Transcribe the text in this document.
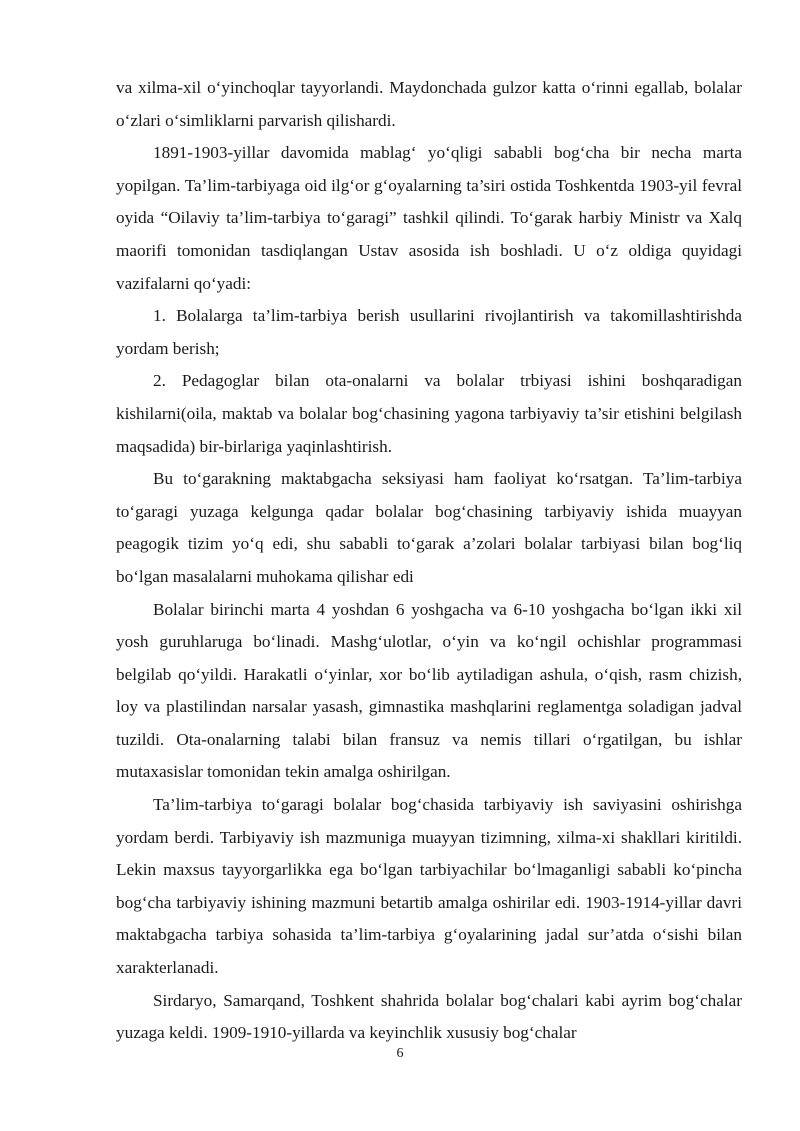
va xilma-xil o‘yinchoqlar tayyorlandi. Maydonchada gulzor katta o‘rinni egallab, bolalar o‘zlari o‘simliklarni parvarish qilishardi.

1891-1903-yillar davomida mablag‘ yo‘qligi sababli bog‘cha bir necha marta yopilgan. Ta’lim-tarbiyaga oid ilg‘or g‘oyalarning ta’siri ostida Toshkentda 1903-yil fevral oyida “Oilaviy ta’lim-tarbiya to‘garagi” tashkil qilindi. To‘garak harbiy Ministr va Xalq maorifi tomonidan tasdiqlangan Ustav asosida ish boshladi. U o‘z oldiga quyidagi vazifalarni qo‘yadi:

1. Bolalarga ta’lim-tarbiya berish usullarini rivojlantirish va takomillashtirishda yordam berish;

2. Pedagoglar bilan ota-onalarni va bolalar trbiyasi ishini boshqaradigan kishilarni(oila, maktab va bolalar bog‘chasining yagona tarbiyaviy ta’sir etishini belgilash maqsadida) bir-birlariga yaqinlashtirish.

Bu to‘garakning maktabgacha seksiyasi ham faoliyat ko‘rsatgan. Ta’lim-tarbiya to‘garagi yuzaga kelgunga qadar bolalar bog‘chasining tarbiyaviy ishida muayyan peagogik tizim yo‘q edi, shu sababli to‘garak a’zolari bolalar tarbiyasi bilan bog‘liq bo‘lgan masalalarni muhokama qilishar edi

Bolalar birinchi marta 4 yoshdan 6 yoshgacha va 6-10 yoshgacha bo‘lgan ikki xil yosh guruhlaruga bo‘linadi. Mashg‘ulotlar, o‘yin va ko‘ngil ochishlar programmasi belgilab qo‘yildi. Harakatli o‘yinlar, xor bo‘lib aytiladigan ashula, o‘qish, rasm chizish, loy va plastilindan narsalar yasash, gimnastika mashqlarini reglamentga soladigan jadval tuzildi. Ota-onalarning talabi bilan fransuz va nemis tillari o‘rgatilgan, bu ishlar mutaxasislar tomonidan tekin amalga oshirilgan.

Ta’lim-tarbiya to‘garagi bolalar bog‘chasida tarbiyaviy ish saviyasini oshirishga yordam berdi. Tarbiyaviy ish mazmuniga muayyan tizimning, xilma-xi shakllari kiritildi. Lekin maxsus tayyorgarlikka ega bo‘lgan tarbiyachilar bo‘lmaganligi sababli ko‘pincha bog‘cha tarbiyaviy ishining mazmuni betartib amalga oshirilar edi. 1903-1914-yillar davri maktabgacha tarbiya sohasida ta’lim-tarbiya g‘oyalarining jadal sur’atda o‘sishi bilan xarakterlanadi.

Sirdaryo, Samarqand, Toshkent shahrida bolalar bog‘chalari kabi ayrim bog‘chalar yuzaga keldi. 1909-1910-yillarda va keyinchlik xususiy bog‘chalar

6
